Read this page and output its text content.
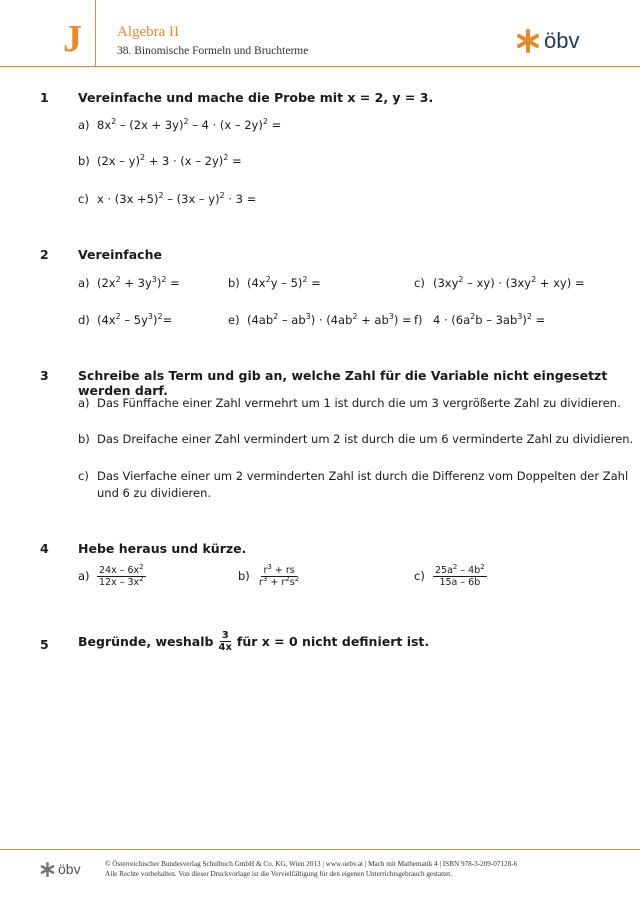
J Algebra II
38. Binomische Formeln und Bruchterme	öbv
1 Vereinfache und mache die Probe mit x = 2, y = 3.
a) $8x^2 - (2x + 3y)^2 - 4 \cdot (x - 2y)^2$ =
b) (2x – y)$^2$ + 3 · (x – 2y)$^2$ =
c) $x \cdot (3x +5)^2 - (3x - y)^2 \cdot 3$ =
2 Vereinfache
a) $(2x^2 + 3y^3)^2$ =	b) $(4x^2y - 5)^2$ =	c) $(3xy^2 - xy) \cdot (3xy^2 + xy)$ =
d) $(4x^2 - 5y^3)^2=$	e) $(4ab^2 - ab^3) \cdot (4ab^2 + ab^3) = f$) $4 \cdot (6a^2b - 3ab^3)^2$ =
3 Schreibe als Term und gib an, welche Zahl für die Variable nicht eingesetzt werden darf.
a) Das Fünffache einer Zahl vermehrt um 1 ist durch die um 3 vergrößerte Zahl zu dividieren.
b) Das Dreifache einer Zahl vermindert um 2 ist durch die um 6 verminderte Zahl zu dividieren.
c) Das Vierfache einer um 2 verminderten Zahl ist durch die Differenz vom Doppelten der Zahl
und 6 zu dividieren.
4 Hebe heraus und kürze.
$a) \frac{24x - 6x^2}{12x - 3x^2}$	$b) \frac{r^3 + rs}{r^3 + r^2s^2}$	$c) \frac{25a^2 - 4b^2}{15a - 6b}$
5 Begründe, weshalb $\frac{3}{4x}$ für x = 0 nicht definiert ist.
öbv	© Österreichischer Bundesverlag Schulbuch GmbH & Co. KG, Wien 2013 | www.oebv.at | Mach mit Mathematik 4 | ISBN 978-3-209-07128-6
Alle Rechte vorbehalten. Von dieser Druckvorlage ist die Vervielfältigung für den eigenen Unterrichtsgebrauch gestattet.
